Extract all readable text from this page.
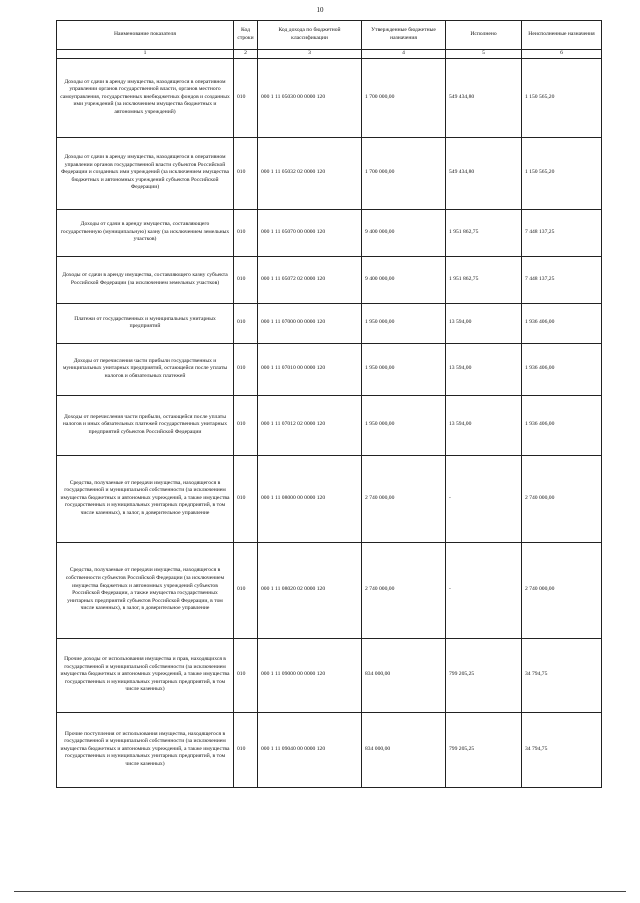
10
Наименование показателя	Код строки	Код дохода по бюджетной классификации	Утвержденные бюджетные назначения	Исполнено	Неисполненные назначения
1	2	3	4	5	6
Доходы от сдачи в аренду имущества, находящегося в оперативном управлении органов государственной власти, органов местного самоуправления, государственных внебюджетных фондов и созданных ими учреждений (за исключением имущества бюджетных и автономных учреждений)	010	000 1 11 05030 00 0000 120	1 700 000,00	549 434,80	1 150 565,20
Доходы от сдачи в аренду имущества, находящегося в оперативном управлении органов государственной власти субъектов Российской Федерации и созданных ими учреждений (за исключением имущества бюджетных и автономных учреждений субъектов Российской Федерации)	010	000 1 11 05032 02 0000 120	1 700 000,00	549 434,80	1 150 565,20
Доходы от сдачи в аренду имущества, составляющего государственную (муниципальную) казну (за исключением земельных участков)	010	000 1 11 05070 00 0000 120	9 400 000,00	1 951 862,75	7 448 137,25
Доходы от сдачи в аренду имущества, составляющего казну субъекта Российской Федерации (за исключением земельных участков)	010	000 1 11 05072 02 0000 120	9 400 000,00	1 951 862,75	7 448 137,25
Платежи от государственных и муниципальных унитарных предприятий	010	000 1 11 07000 00 0000 120	1 950 000,00	13 594,00	1 936 406,00
Доходы от перечисления части прибыли государственных и муниципальных унитарных предприятий, остающейся после уплаты налогов и обязательных платежей	010	000 1 11 07010 00 0000 120	1 950 000,00	13 594,00	1 936 406,00
Доходы от перечисления части прибыли, остающейся после уплаты налогов и иных обязательных платежей государственных унитарных предприятий субъектов Российской Федерации	010	000 1 11 07012 02 0000 120	1 950 000,00	13 594,00	1 936 406,00
Средства, получаемые от передачи имущества, находящегося в государственной и муниципальной собственности (за исключением имущества бюджетных и автономных учреждений, а также имущества государственных и муниципальных унитарных предприятий, в том числе казенных), в залог, в доверительное управление	010	000 1 11 08000 00 0000 120	2 740 000,00	-	2 740 000,00
Средства, получаемые от передачи имущества, находящегося в собственности субъектов Российской Федерации (за исключением имущества бюджетных и автономных учреждений субъектов Российской Федерации, а также имущества государственных унитарных предприятий субъектов Российской Федерации, в том числе казенных), в залог, в доверительное управление	010	000 1 11 08020 02 0000 120	2 740 000,00	-	2 740 000,00
Прочие доходы от использования имущества и прав, находящихся в государственной и муниципальной собственности (за исключением имущества бюджетных и автономных учреждений, а также имущества государственных и муниципальных унитарных предприятий, в том числе казенных)	010	000 1 11 09000 00 0000 120	834 000,00	799 205,25	34 794,75
Прочие поступления от использования имущества, находящегося в государственной и муниципальной собственности (за исключением имущества бюджетных и автономных учреждений, а также имущества государственных и муниципальных унитарных предприятий, в том числе казенных)	010	000 1 11 09040 00 0000 120	834 000,00	799 205,25	34 794,75
